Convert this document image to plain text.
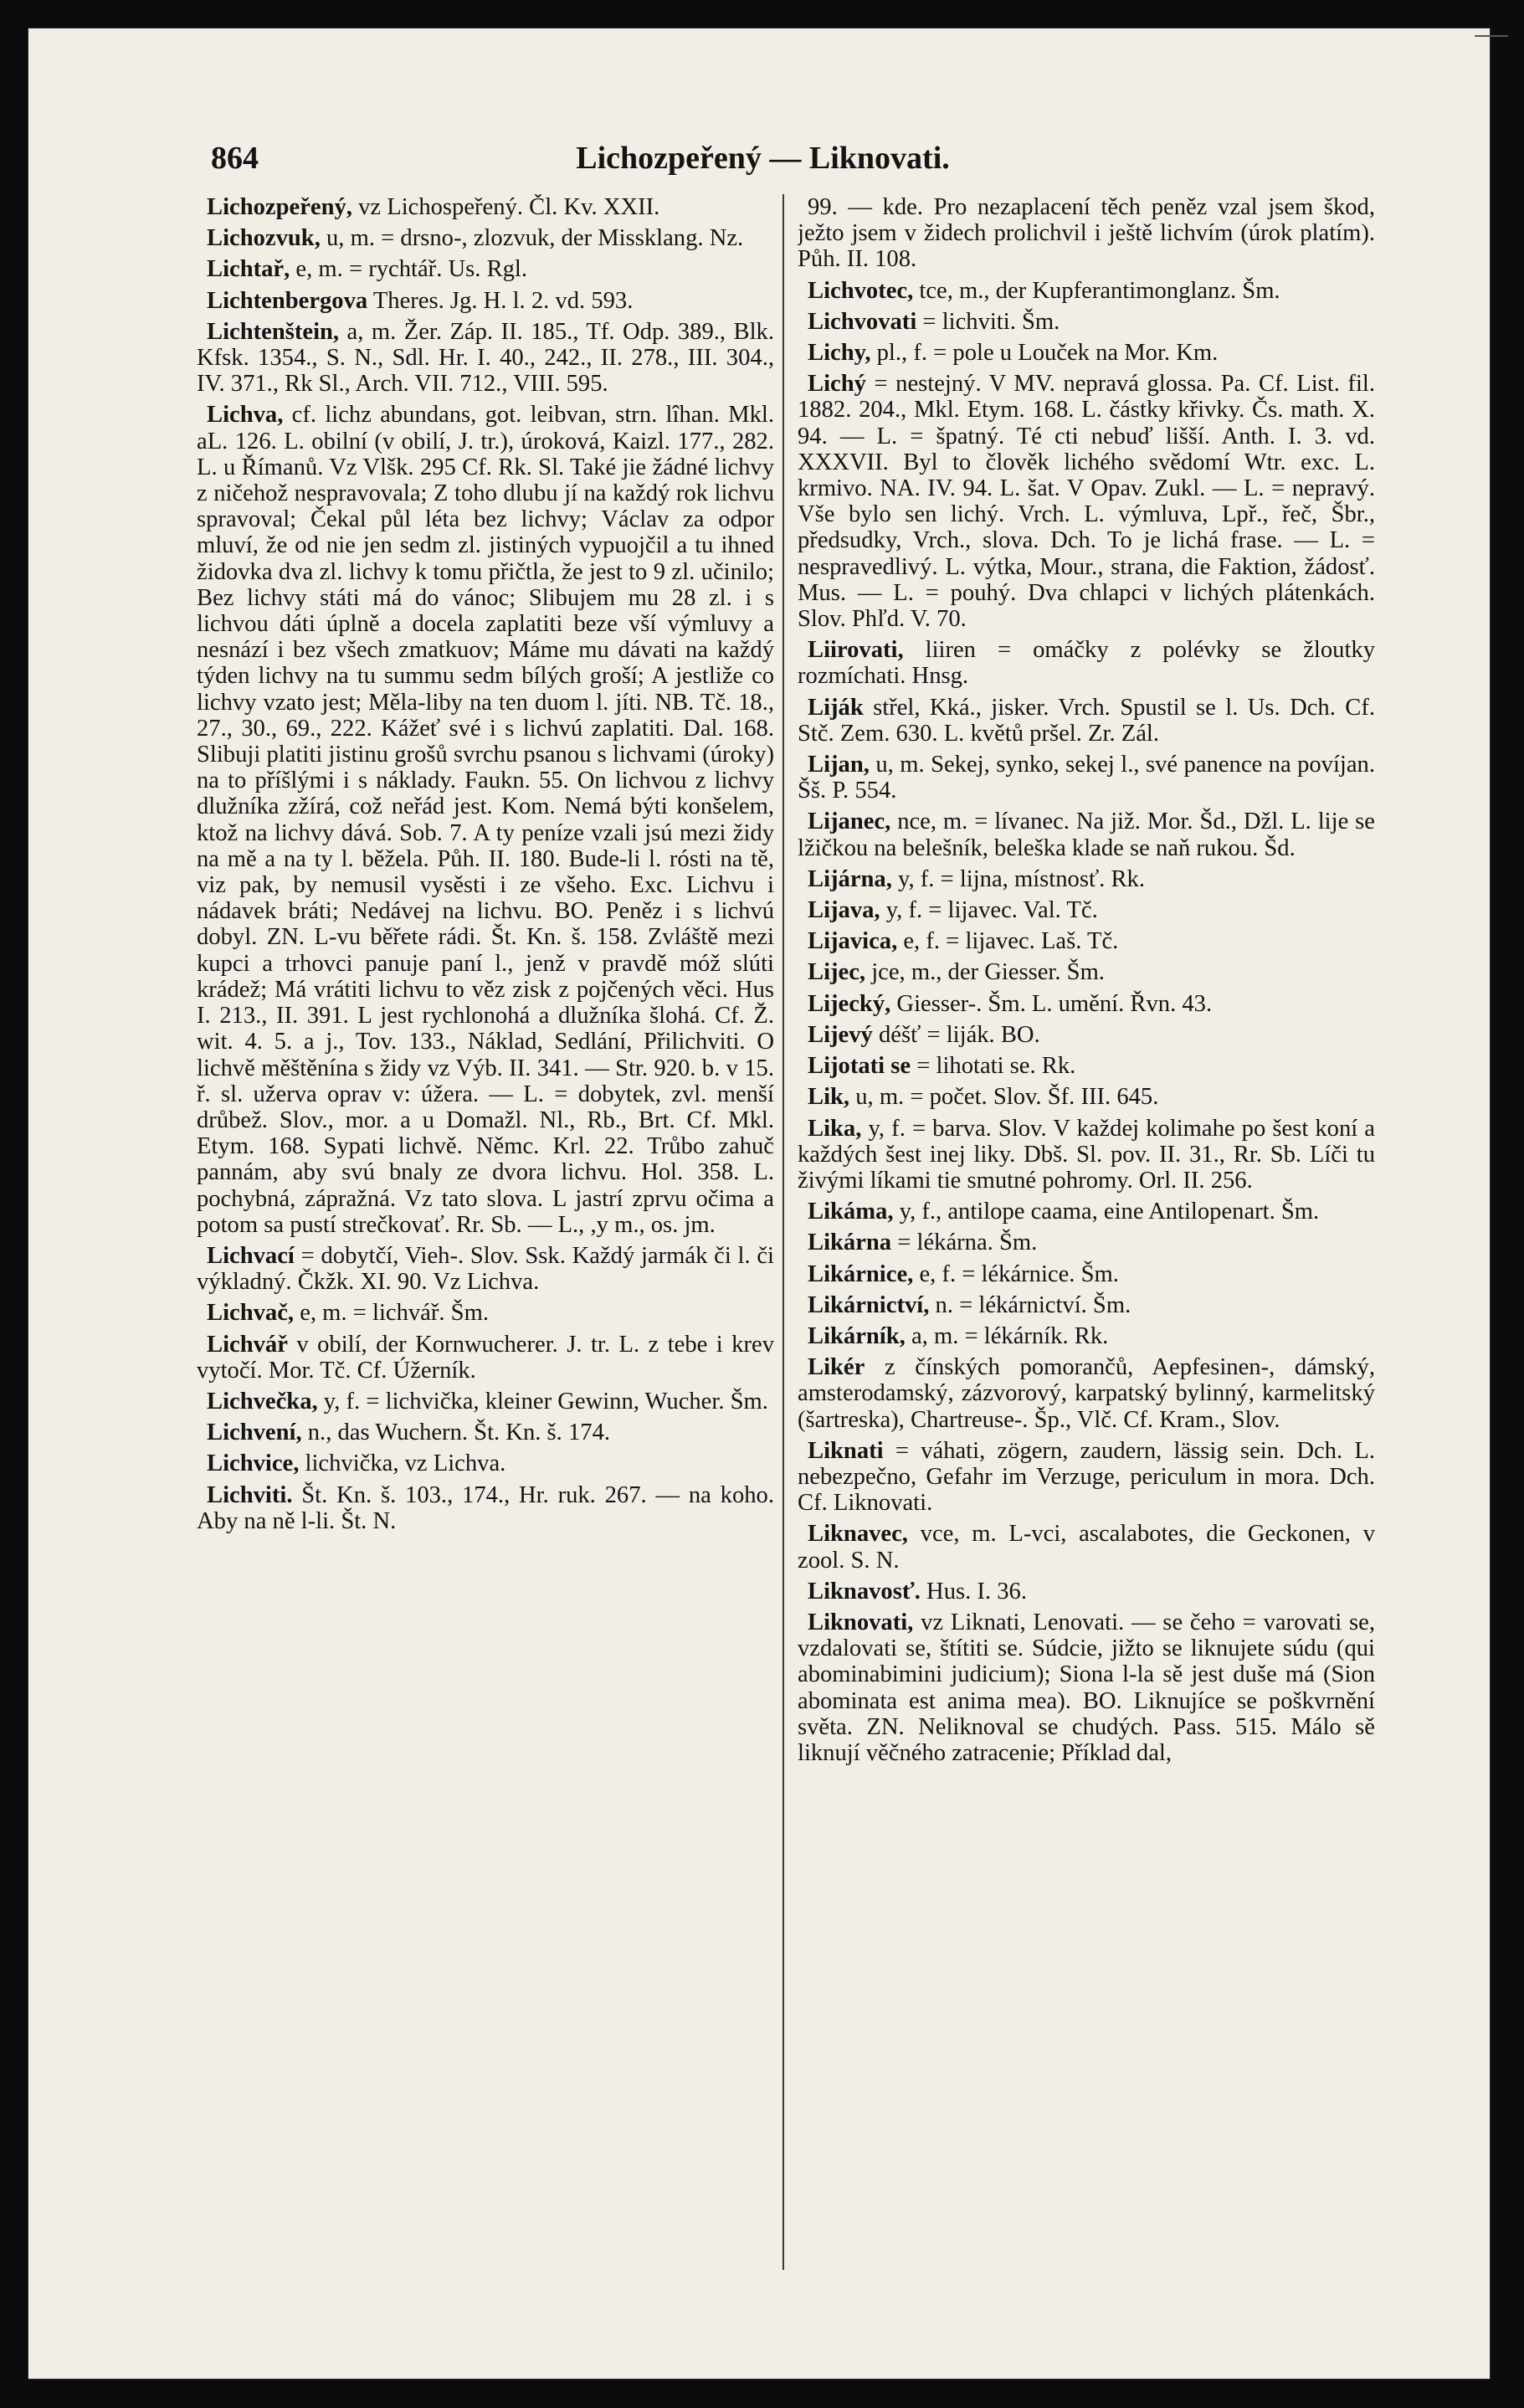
864	Lichozpeřený — Liknovati.

Lichozpeřený, vz Lichospeřený. Čl. Kv. XXII.

Lichozvuk, u, m. = drsno-, zlozvuk, der Missklang. Nz.

Lichtař, e, m. = rychtář. Us. Rgl.

Lichtenbergova Theres. Jg. H. l. 2. vd. 593.

Lichtenštein, a, m. Žer. Záp. II. 185., Tf. Odp. 389., Blk. Kfsk. 1354., S. N., Sdl. Hr. I. 40., 242., II. 278., III. 304., IV. 371., Rk Sl., Arch. VII. 712., VIII. 595.

Lichva, cf. lichz abundans, got. leibvan, strn. lîhan. Mkl. aL. 126. L. obilní (v obilí, J. tr.), úroková, Kaizl. 177., 282. L. u Římanů. Vz Vlšk. 295 Cf. Rk. Sl. Také jie žádné lichvy z ničehož nespravovala; Z toho dlubu jí na každý rok lichvu spravoval; Čekal půl léta bez lichvy; Václav za odpor mluví, že od nie jen sedm zl. jistiných vypuojčil a tu ihned židovka dva zl. lichvy k tomu přičtla, že jest to 9 zl. učinilo; Bez lichvy státi má do vánoc; Slibujem mu 28 zl. i s lichvou dáti úplně a docela zaplatiti beze vší výmluvy a nesnází i bez všech zmatkuov; Máme mu dávati na každý týden lichvy na tu summu sedm bílých groší; A jestliže co lichvy vzato jest; Měla-liby na ten duom l. jíti. NB. Tč. 18., 27., 30., 69., 222. Kážeť své i s lichvú zaplatiti. Dal. 168. Slibuji platiti jistinu grošů svrchu psanou s lichvami (úroky) na to příšlými i s náklady. Faukn. 55. On lichvou z lichvy dlužníka zžírá, což neřád jest. Kom. Nemá býti konšelem, ktož na lichvy dává. Sob. 7. A ty peníze vzali jsú mezi židy na mě a na ty l. běžela. Půh. II. 180. Bude-li l. rósti na tě, viz pak, by nemusil vysěsti i ze všeho. Exc. Lichvu i nádavek bráti; Nedávej na lichvu. BO. Peněz i s lichvú dobyl. ZN. L-vu běřete rádi. Št. Kn. š. 158. Zvláště mezi kupci a trhovci panuje paní l., jenž v pravdě móž slúti krádež; Má vrátiti lichvu to věz zisk z pojčených věci. Hus I. 213., II. 391. L jest rychlonohá a dlužníka šlohá. Cf. Ž. wit. 4. 5. a j., Tov. 133., Náklad, Sedlání, Přilichviti. O lichvě měštěnína s židy vz Výb. II. 341. — Str. 920. b. v 15. ř. sl. užerva oprav v: úžera. — L. = dobytek, zvl. menší drůbež. Slov., mor. a u Domažl. Nl., Rb., Brt. Cf. Mkl. Etym. 168. Sypati lichvě. Němc. Krl. 22. Trůbo zahuč pannám, aby svú bnaly ze dvora lichvu. Hol. 358. L. pochybná, zápražná. Vz tato slova. L jastrí zprvu očima a potom sa pustí strečkovať. Rr. Sb. — L., ,y m., os. jm.

Lichvací = dobytčí, Vieh-. Slov. Ssk. Každý jarmák či l. či výkladný. Čkžk. XI. 90. Vz Lichva.

Lichvač, e, m. = lichvář. Šm.

Lichvář v obilí, der Kornwucherer. J. tr. L. z tebe i krev vytočí. Mor. Tč. Cf. Úžerník.

Lichvečka, y, f. = lichvička, kleiner Gewinn, Wucher. Šm.

Lichvení, n., das Wuchern. Št. Kn. š. 174.

Lichvice, lichvička, vz Lichva.

Lichviti. Št. Kn. š. 103., 174., Hr. ruk. 267. — na koho. Aby na ně l-li. Št. N.

99. — kde. Pro nezaplacení těch peněz vzal jsem škod, ježto jsem v židech prolichvil i ještě lichvím (úrok platím). Půh. II. 108.

Lichvotec, tce, m., der Kupferantimonglanz. Šm.

Lichvovati = lichviti. Šm.

Lichy, pl., f. = pole u Louček na Mor. Km.

Lichý = nestejný. V MV. nepravá glossa. Pa. Cf. List. fil. 1882. 204., Mkl. Etym. 168. L. částky křivky. Čs. math. X. 94. — L. = špatný. Té cti nebuď lišší. Anth. I. 3. vd. XXXVII. Byl to člověk lichého svědomí Wtr. exc. L. krmivo. NA. IV. 94. L. šat. V Opav. Zukl. — L. = nepravý. Vše bylo sen lichý. Vrch. L. výmluva, Lpř., řeč, Šbr., předsudky, Vrch., slova. Dch. To je lichá frase. — L. = nespravedlivý. L. výtka, Mour., strana, die Faktion, žádosť. Mus. — L. = pouhý. Dva chlapci v lichých plátenkách. Slov. Phľd. V. 70.

Liirovati, liiren = omáčky z polévky se žloutky rozmíchati. Hnsg.

Liják střel, Kká., jisker. Vrch. Spustil se l. Us. Dch. Cf. Stč. Zem. 630. L. květů pršel. Zr. Zál.

Lijan, u, m. Sekej, synko, sekej l., své panence na povíjan. Šš. P. 554.

Lijanec, nce, m. = lívanec. Na již. Mor. Šd., Džl. L. lije se lžičkou na belešník, beleška klade se naň rukou. Šd.

Lijárna, y, f. = lijna, místnosť. Rk.

Lijava, y, f. = lijavec. Val. Tč.

Lijavica, e, f. = lijavec. Laš. Tč.

Lijec, jce, m., der Giesser. Šm.

Lijecký, Giesser-. Šm. L. umění. Řvn. 43.

Lijevý déšť = liják. BO.

Lijotati se = lihotati se. Rk.

Lik, u, m. = počet. Slov. Šf. III. 645.

Lika, y, f. = barva. Slov. V každej kolimahe po šest koní a každých šest inej liky. Dbš. Sl. pov. II. 31., Rr. Sb. Líči tu živými líkami tie smutné pohromy. Orl. II. 256.

Likáma, y, f., antilope caama, eine Antilopenart. Šm.

Likárna = lékárna. Šm.

Likárnice, e, f. = lékárnice. Šm.

Likárnictví, n. = lékárnictví. Šm.

Likárník, a, m. = lékárník. Rk.

Likér z čínských pomorančů, Aepfesinen-, dámský, amsterodamský, zázvorový, karpatský bylinný, karmelitský (šartreska), Chartreuse-. Šp., Vlč. Cf. Kram., Slov.

Liknati = váhati, zögern, zaudern, lässig sein. Dch. L. nebezpečno, Gefahr im Verzuge, periculum in mora. Dch. Cf. Liknovati.

Liknavec, vce, m. L-vci, ascalabotes, die Geckonen, v zool. S. N.

Liknavosť. Hus. I. 36.

Liknovati, vz Liknati, Lenovati. — se čeho = varovati se, vzdalovati se, štítiti se. Súdcie, jižto se liknujete súdu (qui abominabimini judicium); Siona l-la sě jest duše má (Sion abominata est anima mea). BO. Liknujíce se poškvrnění světa. ZN. Neliknoval se chudých. Pass. 515. Málo sě liknují věčného zatracenie; Příklad dal,
